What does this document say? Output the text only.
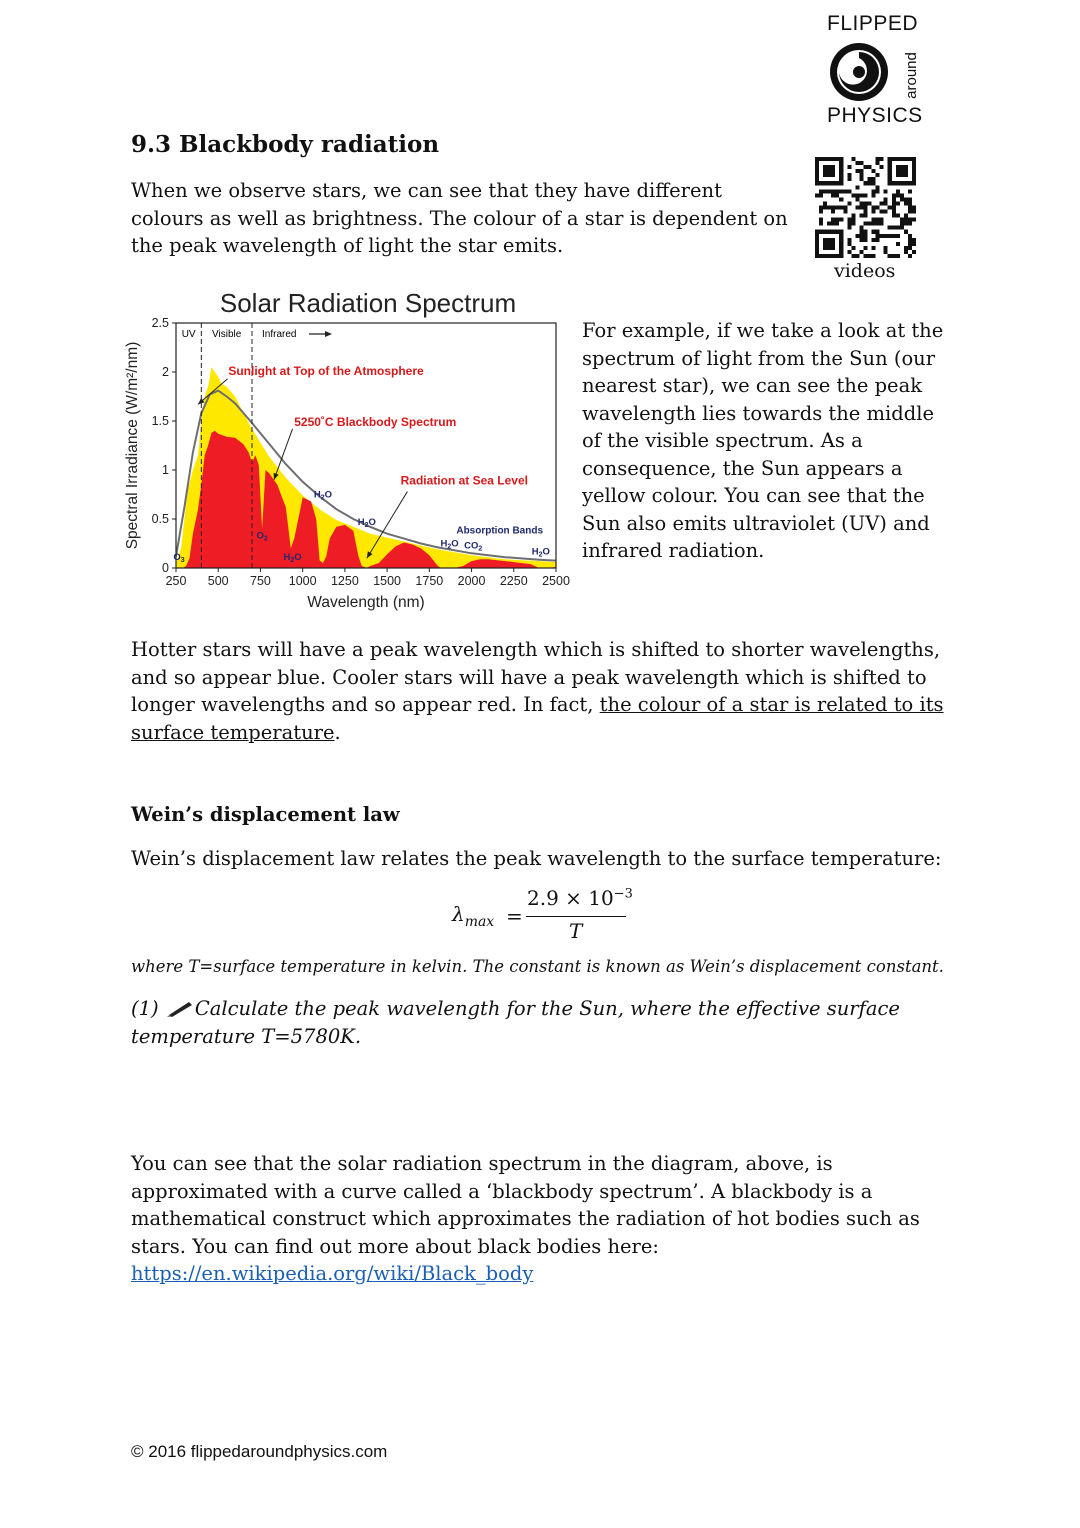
FLIPPED
around
PHYSICS
videos
9.3 Blackbody radiation
When we observe stars, we can see that they have different colours as well as brightness. The colour of a star is dependent on the peak wavelength of light the star emits.
Solar Radiation Spectrum
UV Visible Infrared
250 500 750 1000 1250 1500 1750 2000 2250 2500
0
0.5
1
1.5
2
2.5
Wavelength (nm)
Spectral Irradiance (W/m²/nm)	Sunlight at Top of the Atmosphere
5250˚C Blackbody Spectrum
Radiation at Sea Level
Absorption Bands
$H_2O$
$H_2O$
$H_2O$ $CO_2$	$H_2O$
$O_2$
$H_2O$
$O_3$
For example, if we take a look at the spectrum of light from the Sun (our nearest star), we can see the peak wavelength lies towards the middle of the visible spectrum. As a consequence, the Sun appears a yellow colour. You can see that the Sun also emits ultraviolet (UV) and infrared radiation.
Hotter stars will have a peak wavelength which is shifted to shorter wavelengths, and so appear blue. Cooler stars will have a peak wavelength which is shifted to longer wavelengths and so appear red. In fact, the colour of a star is related to its surface temperature.
Wein’s displacement law
Wein’s displacement law relates the peak wavelength to the surface temperature:
$\lambda_{max}$ =
$2.9 \times 10^{-3}$
T
where T=surface temperature in kelvin. The constant is known as Wein’s displacement constant.
(1) Calculate the peak wavelength for the Sun, where the effective surface temperature T=5780K.
You can see that the solar radiation spectrum in the diagram, above, is approximated with a curve called a ‘blackbody spectrum’. A blackbody is a mathematical construct which approximates the radiation of hot bodies such as stars. You can find out more about black bodies here: https://en.wikipedia.org/wiki/Black_body
© 2016 flippedaroundphysics.com
